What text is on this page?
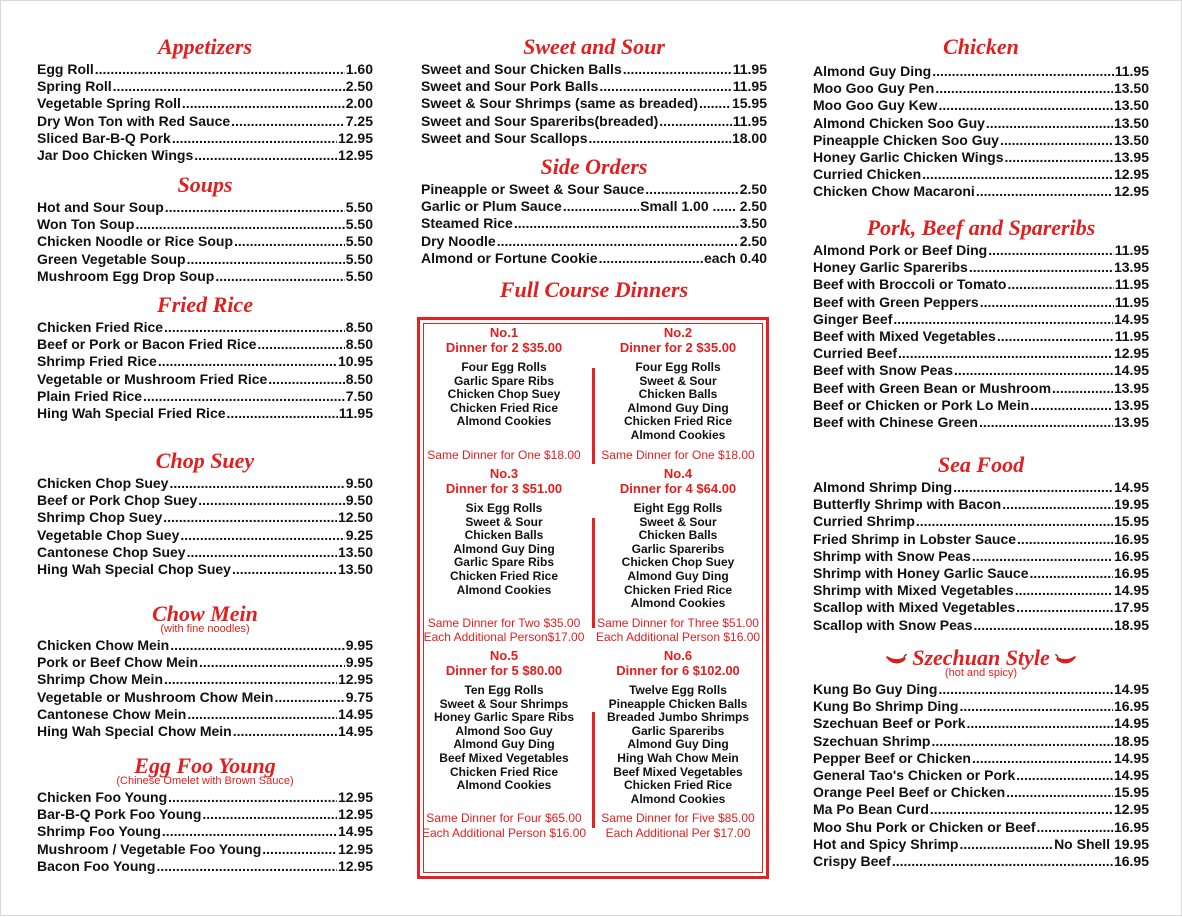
Appetizers
Egg Roll .....	1.60
Spring Roll .....	2.50
Vegetable Spring Roll .....	2.00
Dry Won Ton with Red Sauce .....	7.25
Sliced Bar-B-Q Pork .....	12.95
Jar Doo Chicken Wings .....	12.95
Soups
Hot and Sour Soup .....	5.50
Won Ton Soup .....	5.50
Chicken Noodle or Rice Soup .....	5.50
Green Vegetable Soup .....	5.50
Mushroom Egg Drop Soup .....	5.50
Fried Rice
Chicken Fried Rice .....	8.50
Beef or Pork or Bacon Fried Rice .....	8.50
Shrimp Fried Rice .....	10.95
Vegetable or Mushroom Fried Rice .....	8.50
Plain Fried Rice .....	7.50
Hing Wah Special Fried Rice .....	11.95
Chop Suey
Chicken Chop Suey .....	9.50
Beef or Pork Chop Suey .....	9.50
Shrimp Chop Suey .....	12.50
Vegetable Chop Suey .....	9.25
Cantonese Chop Suey .....	13.50
Hing Wah Special Chop Suey .....	13.50
Chow Mein
(with fine noodles)
Chicken Chow Mein .....	9.95
Pork or Beef Chow Mein .....	9.95
Shrimp Chow Mein .....	12.95
Vegetable or Mushroom Chow Mein .....	9.75
Cantonese Chow Mein .....	14.95
Hing Wah Special Chow Mein .....	14.95
Egg Foo Young
(Chinese Omelet with Brown Sauce)
Chicken Foo Young .....	12.95
Bar-B-Q Pork Foo Young .....	12.95
Shrimp Foo Young .....	14.95
Mushroom / Vegetable Foo Young .....	12.95
Bacon Foo Young .....	12.95
Sweet and Sour
Sweet and Sour Chicken Balls .....	11.95
Sweet and Sour Pork Balls .....	11.95
Sweet & Sour Shrimps (same as breaded) ..... 15.95
Sweet and Sour Spareribs(breaded) .....	11.95
Sweet and Sour Scallops .....	18.00
Side Orders
Pineapple or Sweet & Sour Sauce .....	2.50
Garlic or Plum Sauce .....	Small 1.00 ...... 2.50
Steamed Rice .....	3.50
Dry Noodle .....	2.50
Almond or Fortune Cookie .....	each 0.40
Full Course Dinners
No.1
Dinner for 2 $35.00
Four Egg Rolls
Garlic Spare Ribs
Chicken Chop Suey
Chicken Fried Rice
Almond Cookies
Same Dinner for One $18.00
No.2
Dinner for 2 $35.00
Four Egg Rolls
Sweet & Sour
Chicken Balls
Almond Guy Ding
Chicken Fried Rice
Almond Cookies
Same Dinner for One $18.00
No.3
Dinner for 3 $51.00
Six Egg Rolls
Sweet & Sour
Chicken Balls
Almond Guy Ding
Garlic Spare Ribs
Chicken Fried Rice
Almond Cookies
Same Dinner for Two $35.00
Each Additional Person$17.00
No.4
Dinner for 4 $64.00
Eight Egg Rolls
Sweet & Sour
Chicken Balls
Garlic Spareribs
Chicken Chop Suey
Almond Guy Ding
Chicken Fried Rice
Almond Cookies
Same Dinner for Three $51.00
Each Additional Person $16.00
No.5
Dinner for 5 $80.00
Ten Egg Rolls
Sweet & Sour Shrimps
Honey Garlic Spare Ribs
Almond Soo Guy
Almond Guy Ding
Beef Mixed Vegetables
Chicken Fried Rice
Almond Cookies
Same Dinner for Four $65.00
Each Additional Person $16.00
No.6
Dinner for 6 $102.00
Twelve Egg Rolls
Pineapple Chicken Balls
Breaded Jumbo Shrimps
Garlic Spareribs
Almond Guy Ding
Hing Wah Chow Mein
Beef Mixed Vegetables
Chicken Fried Rice
Almond Cookies
Same Dinner for Five $85.00
Each Additional Per $17.00
Chicken
Almond Guy Ding .....	11.95
Moo Goo Guy Pen .....	13.50
Moo Goo Guy Kew .....	13.50
Almond Chicken Soo Guy .....	13.50
Pineapple Chicken Soo Guy .....	13.50
Honey Garlic Chicken Wings .....	13.95
Curried Chicken .....	12.95
Chicken Chow Macaroni .....	12.95
Pork, Beef and Spareribs
Almond Pork or Beef Ding .....	11.95
Honey Garlic Spareribs .....	13.95
Beef with Broccoli or Tomato .....	11.95
Beef with Green Peppers .....	11.95
Ginger Beef .....	14.95
Beef with Mixed Vegetables .....	11.95
Curried Beef .....	12.95
Beef with Snow Peas .....	14.95
Beef with Green Bean or Mushroom .....	13.95
Beef or Chicken or Pork Lo Mein .....	13.95
Beef with Chinese Green .....	13.95
Sea Food
Almond Shrimp Ding .....	14.95
Butterfly Shrimp with Bacon .....	19.95
Curried Shrimp .....	15.95
Fried Shrimp in Lobster Sauce .....	16.95
Shrimp with Snow Peas .....	16.95
Shrimp with Honey Garlic Sauce .....	16.95
Shrimp with Mixed Vegetables .....	14.95
Scallop with Mixed Vegetables .....	17.95
Scallop with Snow Peas .....	18.95
Szechuan Style
(hot and spicy)
Kung Bo Guy Ding .....	14.95
Kung Bo Shrimp Ding .....	16.95
Szechuan Beef or Pork .....	14.95
Szechuan Shrimp .....	18.95
Pepper Beef or Chicken .....	14.95
General Tao's Chicken or Pork .....	14.95
Orange Peel Beef or Chicken .....	15.95
Ma Po Bean Curd .....	12.95
Moo Shu Pork or Chicken or Beef .....	16.95
Hot and Spicy Shrimp .....	No Shell 19.95
Crispy Beef .....	16.95
